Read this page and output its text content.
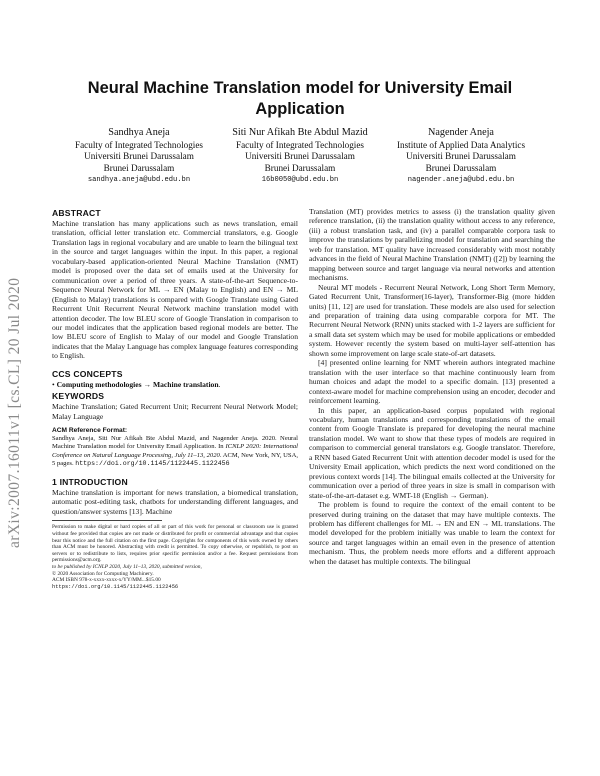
arXiv:2007.16011v1 [cs.CL] 20 Jul 2020
Neural Machine Translation model for University Email Application
Sandhya Aneja
Faculty of Integrated Technologies
Universiti Brunei Darussalam
Brunei Darussalam
sandhya.aneja@ubd.edu.bn
Siti Nur Afikah Bte Abdul Mazid
Faculty of Integrated Technologies
Universiti Brunei Darussalam
Brunei Darussalam
16b0050@ubd.edu.bn
Nagender Aneja
Institute of Applied Data Analytics
Universiti Brunei Darussalam
Brunei Darussalam
nagender.aneja@ubd.edu.bn
ABSTRACT

Machine translation has many applications such as news translation, email translation, official letter translation etc. Commercial translators, e.g. Google Translation lags in regional vocabulary and are unable to learn the bilingual text in the source and target languages within the input. In this paper, a regional vocabulary-based application-oriented Neural Machine Translation (NMT) model is proposed over the data set of emails used at the University for communication over a period of three years. A state-of-the-art Sequence-to-Sequence Neural Network for ML → EN (Malay to English) and EN → ML (English to Malay) translations is compared with Google Translate using Gated Recurrent Unit Recurrent Neural Network machine translation model with attention decoder. The low BLEU score of Google Translation in comparison to our model indicates that the application based regional models are better. The low BLEU score of English to Malay of our model and Google Translation indicates that the Malay Language has complex language features corresponding to English.

CCS CONCEPTS
• Computing methodologies → Machine translation.
KEYWORDS

Machine Translation; Gated Recurrent Unit; Recurrent Neural Network Model; Malay Language

ACM Reference Format:

Sandhya Aneja, Siti Nur Afikah Bte Abdul Mazid, and Nagender Aneja. 2020. Neural Machine Translation model for University Email Application. In ICNLP 2020: International Conference on Natural Language Processing, July 11–13, 2020. ACM, New York, NY, USA, 5 pages. https://doi.org/10.1145/1122445.1122456

1 INTRODUCTION

Machine translation is important for news translation, a biomedical translation, automatic post-editing task, chatbots for understanding different languages, and question/answer systems [13]. Machine

Permission to make digital or hard copies of all or part of this work for personal or classroom use is granted without fee provided that copies are not made or distributed for profit or commercial advantage and that copies bear this notice and the full citation on the first page. Copyrights for components of this work owned by others than ACM must be honored. Abstracting with credit is permitted. To copy otherwise, or republish, to post on servers or to redistribute to lists, requires prior specific permission and/or a fee. Request permissions from permissions@acm.org.

to be published by ICNLP 2020, July 11–13, 2020, submitted version,

© 2020 Association for Computing Machinery.

ACM ISBN 978-x-xxxx-xxxx-x/YY/MM...$15.00

https://doi.org/10.1145/1122445.1122456

Translation (MT) provides metrics to assess (i) the translation quality given reference translation, (ii) the translation quality without access to any reference, (iii) a robust translation task, and (iv) a parallel comparable corpora task to improve the translations by parallelizing model for translation and searching the web for translation. MT quality have increased considerably with most notably advances in the field of Neural Machine Translation (NMT) ([2]) by learning the mapping between source and target language via neural networks and attention mechanisms.

Neural MT models - Recurrent Neural Network, Long Short Term Memory, Gated Recurrent Unit, Transformer(16-layer), Transformer-Big (more hidden units) [11, 12] are used for translation. These models are also used for selection and preparation of training data using comparable corpora for MT. The Recurrent Neural Network (RNN) units stacked with 1-2 layers are sufficient for a small data set system which may be used for mobile applications or embedded system. However recently the system based on multi-layer self-attention has shown some improvement on large scale state-of-art datasets.

[4] presented online learning for NMT wherein authors integrated machine translation with the user interface so that machine continuously learn from human choices and adapt the model to a specific domain. [13] presented a context-aware model for machine comprehension using an encoder, decoder and reinforcement learning.

In this paper, an application-based corpus populated with regional vocabulary, human translations and corresponding translations of the email content from Google Translate is prepared for developing the neural machine translation model. We want to show that these types of models are required in comparison to commercial general translators e.g. Google translator. Therefore, a RNN based Gated Recurrent Unit with attention decoder model is used for the University Email application, which predicts the next word conditioned on the previous context words [14]. The bilingual emails collected at the University for communication over a period of three years in size is small in comparison with state-of-the-art-dataset e.g. WMT-18 (English → German).

The problem is found to require the context of the email content to be preserved during training on the dataset that may have multiple contexts. The problem has different challenges for ML → EN and EN → ML translations. The model developed for the problem initially was unable to learn the context for source and target languages within an email even in the presence of attention mechanism. Thus, the problem needs more efforts and a different approach when the dataset has multiple contexts. The bilingual
